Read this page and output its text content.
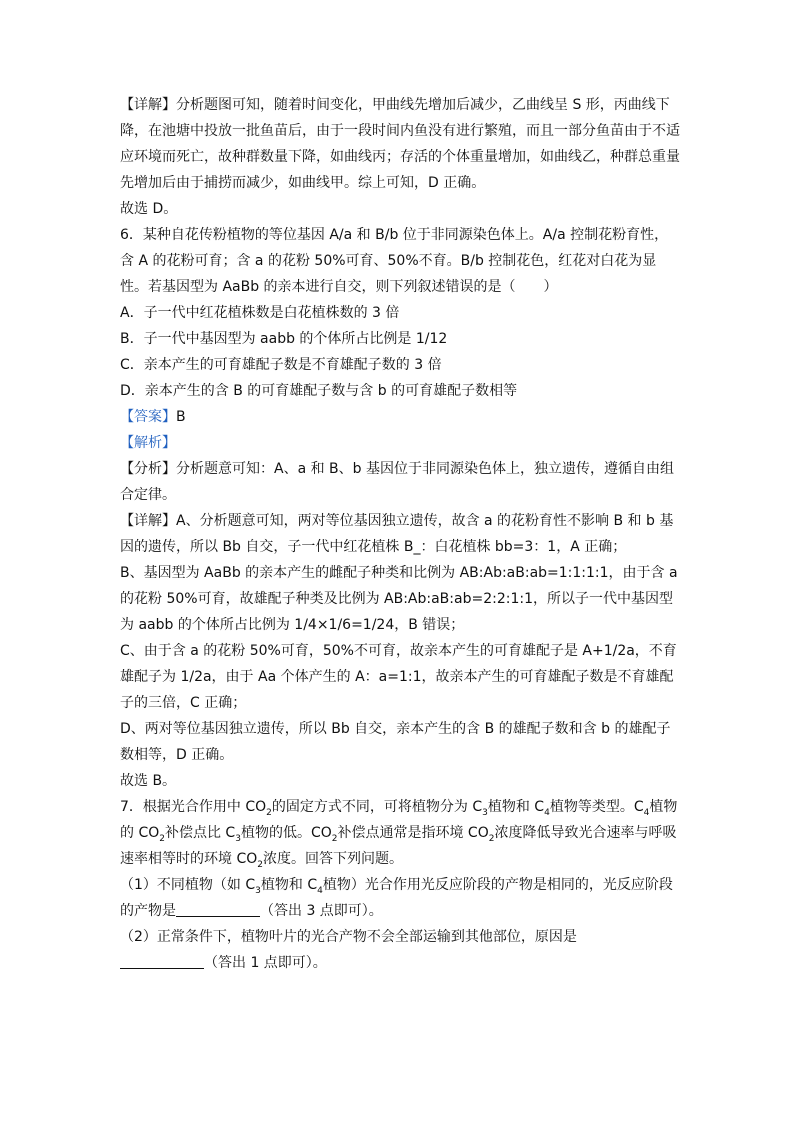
【详解】分析题图可知，随着时间变化，甲曲线先增加后减少，乙曲线呈 S 形，丙曲线下降，在池塘中投放一批鱼苗后，由于一段时间内鱼没有进行繁殖，而且一部分鱼苗由于不适应环境而死亡，故种群数量下降，如曲线丙；存活的个体重量增加，如曲线乙，种群总重量先增加后由于捕捞而减少，如曲线甲。综上可知，D 正确。

故选 D。

6．某种自花传粉植物的等位基因 A/a 和 B/b 位于非同源染色体上。A/a 控制花粉育性，含 A 的花粉可育；含 a 的花粉 50%可育、50%不育。B/b 控制花色，红花对白花为显性。若基因型为 AaBb 的亲本进行自交，则下列叙述错误的是（　　）

A．子一代中红花植株数是白花植株数的 3 倍

B．子一代中基因型为 aabb 的个体所占比例是 1/12

C．亲本产生的可育雄配子数是不育雄配子数的 3 倍

D．亲本产生的含 B 的可育雄配子数与含 b 的可育雄配子数相等

【答案】B

【解析】

【分析】分析题意可知：A、a 和 B、b 基因位于非同源染色体上，独立遗传，遵循自由组合定律。

【详解】A、分析题意可知，两对等位基因独立遗传，故含 a 的花粉育性不影响 B 和 b 基因的遗传，所以 Bb 自交，子一代中红花植株 B_：白花植株 bb=3：1，A 正确；

B、基因型为 AaBb 的亲本产生的雌配子种类和比例为 AB:Ab:aB:ab=1:1:1:1，由于含 a 的花粉 50%可育，故雄配子种类及比例为 AB:Ab:aB:ab=2:2:1:1，所以子一代中基因型为 aabb 的个体所占比例为 1/4×1/6=1/24，B 错误；

C、由于含 a 的花粉 50%可育，50%不可育，故亲本产生的可育雄配子是 A+1/2a，不育雄配子为 1/2a，由于 Aa 个体产生的 A：a=1:1，故亲本产生的可育雄配子数是不育雄配子的三倍，C 正确；

D、两对等位基因独立遗传，所以 Bb 自交，亲本产生的含 B 的雄配子数和含 b 的雄配子数相等，D 正确。

故选 B。

7．根据光合作用中 $CO_2$的固定方式不同，可将植物分为 $C_3$植物和 $C_4$植物等类型。$C_4$植物的 $CO_2$补偿点比 $C_3$植物的低。$CO_2$补偿点通常是指环境 $CO_2$浓度降低导致光合速率与呼吸速率相等时的环境 $CO_2$浓度。回答下列问题。

（1）不同植物（如 $C_3$植物和 $C_4$植物）光合作用光反应阶段的产物是相同的，光反应阶段的产物是	（答出 3 点即可）。

（2）正常条件下，植物叶片的光合产物不会全部运输到其他部位，原因是
（答出 1 点即可）。
